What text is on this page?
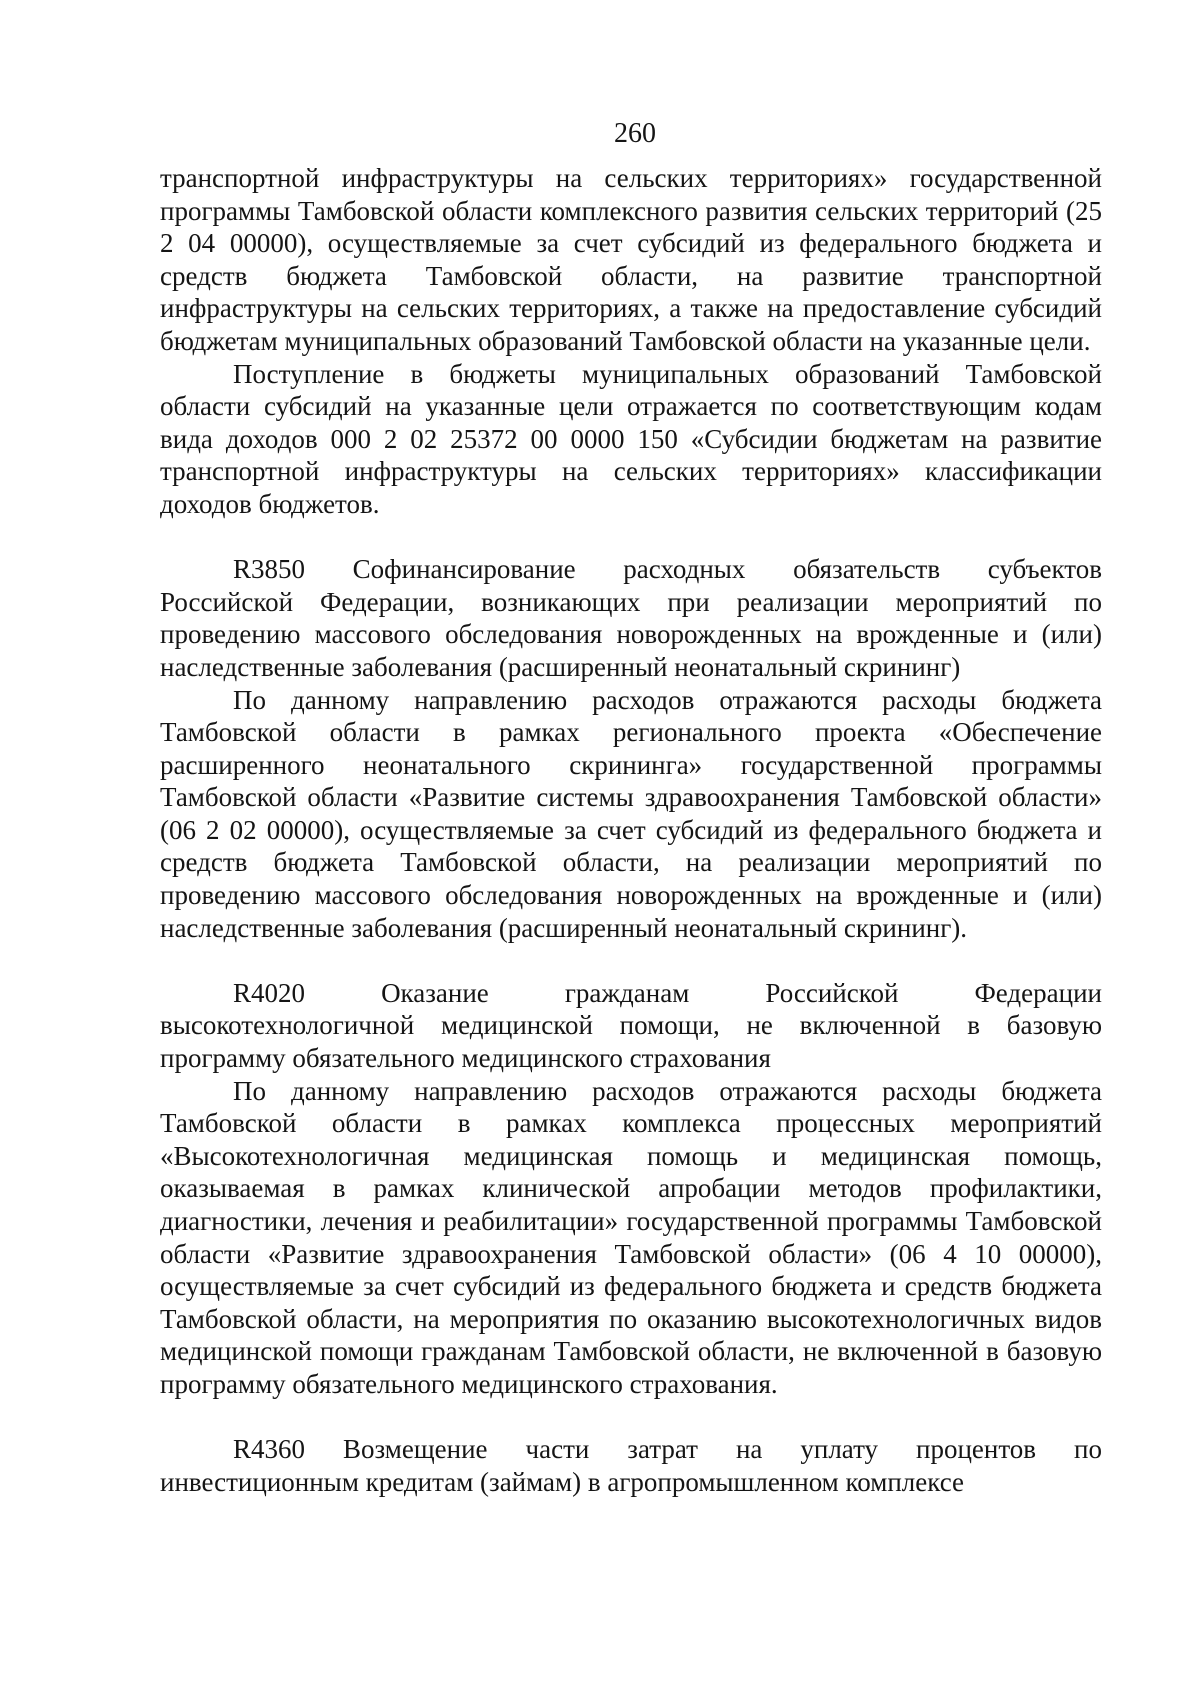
260

транспортной инфраструктуры на сельских территориях» государственной программы Тамбовской области комплексного развития сельских территорий (25 2 04 00000), осуществляемые за счет субсидий из федерального бюджета и средств бюджета Тамбовской области, на развитие транспортной инфраструктуры на сельских территориях, а также на предоставление субсидий бюджетам муниципальных образований Тамбовской области на указанные цели.

Поступление в бюджеты муниципальных образований Тамбовской области субсидий на указанные цели отражается по соответствующим кодам вида доходов 000 2 02 25372 00 0000 150 «Субсидии бюджетам на развитие транспортной инфраструктуры на сельских территориях» классификации доходов бюджетов.

R3850 Софинансирование расходных обязательств субъектов

Российской Федерации, возникающих при реализации мероприятий по проведению массового обследования новорожденных на врожденные и (или) наследственные заболевания (расширенный неонатальный скрининг)

По данному направлению расходов отражаются расходы бюджета Тамбовской области в рамках регионального проекта «Обеспечение расширенного неонатального скрининга» государственной программы Тамбовской области «Развитие системы здравоохранения Тамбовской области» (06 2 02 00000), осуществляемые за счет субсидий из федерального бюджета и средств бюджета Тамбовской области, на реализации мероприятий по проведению массового обследования новорожденных на врожденные и (или) наследственные заболевания (расширенный неонатальный скрининг).

R4020	Оказание	гражданам	Российской	Федерации

высокотехнологичной медицинской помощи, не включенной в базовую программу обязательного медицинского страхования

По данному направлению расходов отражаются расходы бюджета Тамбовской области в рамках комплекса процессных мероприятий «Высокотехнологичная медицинская помощь и медицинская помощь, оказываемая в рамках клинической апробации методов профилактики, диагностики, лечения и реабилитации» государственной программы Тамбовской области «Развитие здравоохранения Тамбовской области» (06 4 10 00000), осуществляемые за счет субсидий из федерального бюджета и средств бюджета Тамбовской области, на мероприятия по оказанию высокотехнологичных видов медицинской помощи гражданам Тамбовской области, не включенной в базовую программу обязательного медицинского страхования.

R4360 Возмещение части затрат на уплату процентов по

инвестиционным кредитам (займам) в агропромышленном комплексе
